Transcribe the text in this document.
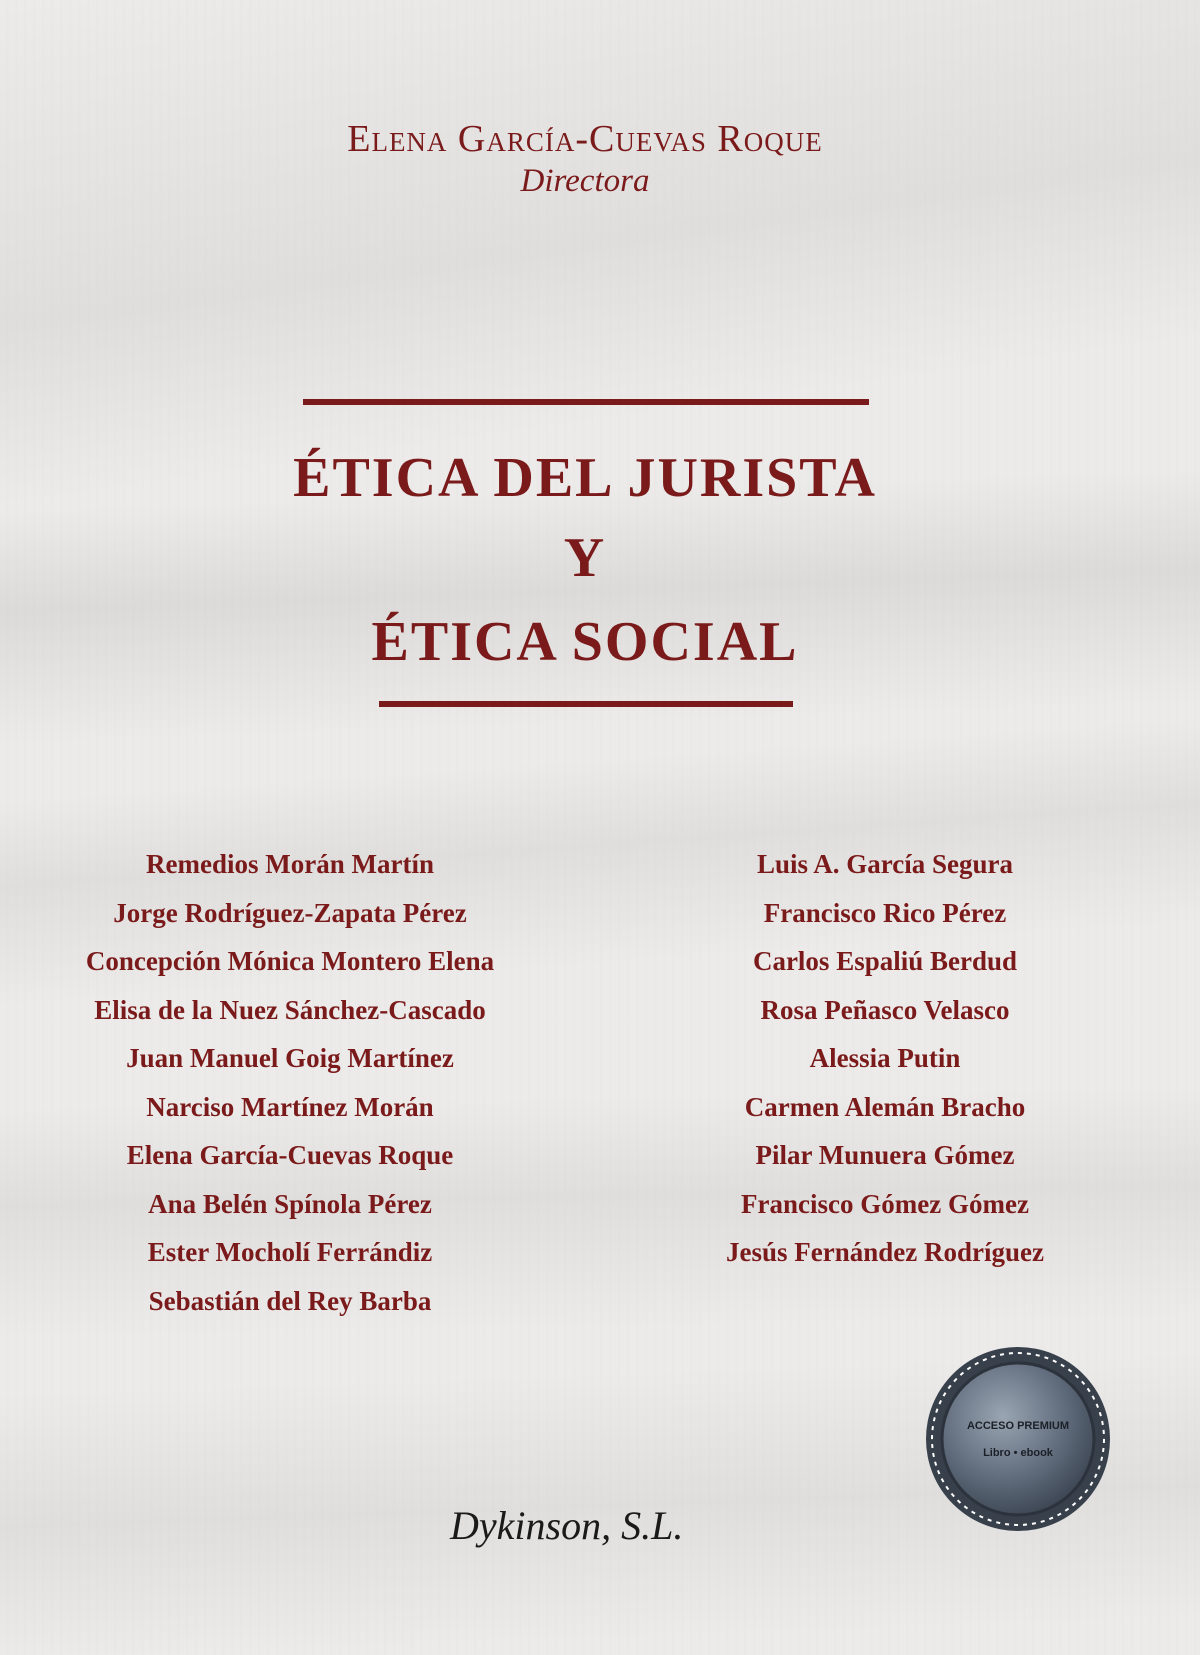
Elena García-Cuevas Roque
Directora
ÉTICA DEL JURISTA
Y
ÉTICA SOCIAL
Remedios Morán Martín
Jorge Rodríguez-Zapata Pérez
Concepción Mónica Montero Elena
Elisa de la Nuez Sánchez-Cascado
Juan Manuel Goig Martínez
Narciso Martínez Morán
Elena García-Cuevas Roque
Ana Belén Spínola Pérez
Ester Mocholí Ferrándiz
Sebastián del Rey Barba
Luis A. García Segura
Francisco Rico Pérez
Carlos Espaliú Berdud
Rosa Peñasco Velasco
Alessia Putin
Carmen Alemán Bracho
Pilar Munuera Gómez
Francisco Gómez Gómez
Jesús Fernández Rodríguez
ACCESO PREMIUM
Libro • ebook
Dykinson, S.L.
